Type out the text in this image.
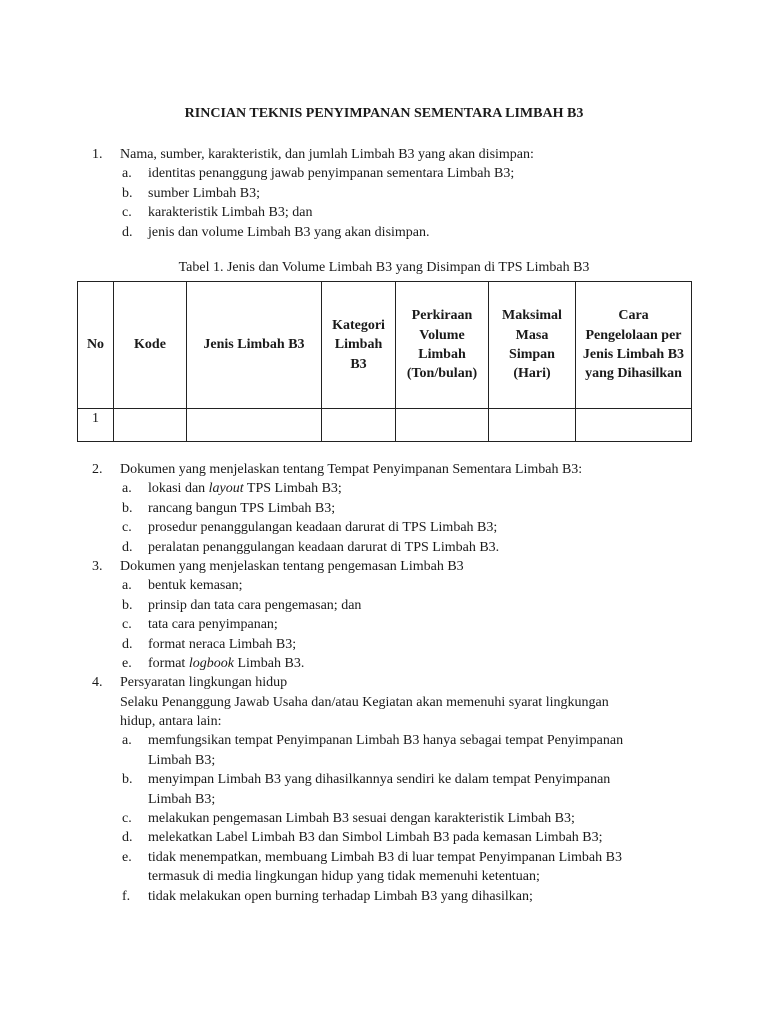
RINCIAN TEKNIS PENYIMPANAN SEMENTARA LIMBAH B3
1. Nama, sumber, karakteristik, dan jumlah Limbah B3 yang akan disimpan:
a. identitas penanggung jawab penyimpanan sementara Limbah B3;
b. sumber Limbah B3;
c. karakteristik Limbah B3; dan
d. jenis dan volume Limbah B3 yang akan disimpan.
Tabel 1. Jenis dan Volume Limbah B3 yang Disimpan di TPS Limbah B3
No	Kode	Jenis Limbah B3	Kategori Limbah B3	Perkiraan Volume Limbah (Ton/bulan)	Maksimal Masa Simpan (Hari)	Cara Pengelolaan per Jenis Limbah B3 yang Dihasilkan
1						
2. Dokumen yang menjelaskan tentang Tempat Penyimpanan Sementara Limbah B3:
a. lokasi dan layout TPS Limbah B3;
b. rancang bangun TPS Limbah B3;
c. prosedur penanggulangan keadaan darurat di TPS Limbah B3;
d. peralatan penanggulangan keadaan darurat di TPS Limbah B3.
3. Dokumen yang menjelaskan tentang pengemasan Limbah B3
a. bentuk kemasan;
b. prinsip dan tata cara pengemasan; dan
c. tata cara penyimpanan;
d. format neraca Limbah B3;
e. format logbook Limbah B3.
4. Persyaratan lingkungan hidup
Selaku Penanggung Jawab Usaha dan/atau Kegiatan akan memenuhi syarat lingkungan
hidup, antara lain:
a. memfungsikan tempat Penyimpanan Limbah B3 hanya sebagai tempat Penyimpanan
Limbah B3;
b. menyimpan Limbah B3 yang dihasilkannya sendiri ke dalam tempat Penyimpanan
Limbah B3;
c. melakukan pengemasan Limbah B3 sesuai dengan karakteristik Limbah B3;
d. melekatkan Label Limbah B3 dan Simbol Limbah B3 pada kemasan Limbah B3;
e. tidak menempatkan, membuang Limbah B3 di luar tempat Penyimpanan Limbah B3
termasuk di media lingkungan hidup yang tidak memenuhi ketentuan;
f. tidak melakukan open burning terhadap Limbah B3 yang dihasilkan;
